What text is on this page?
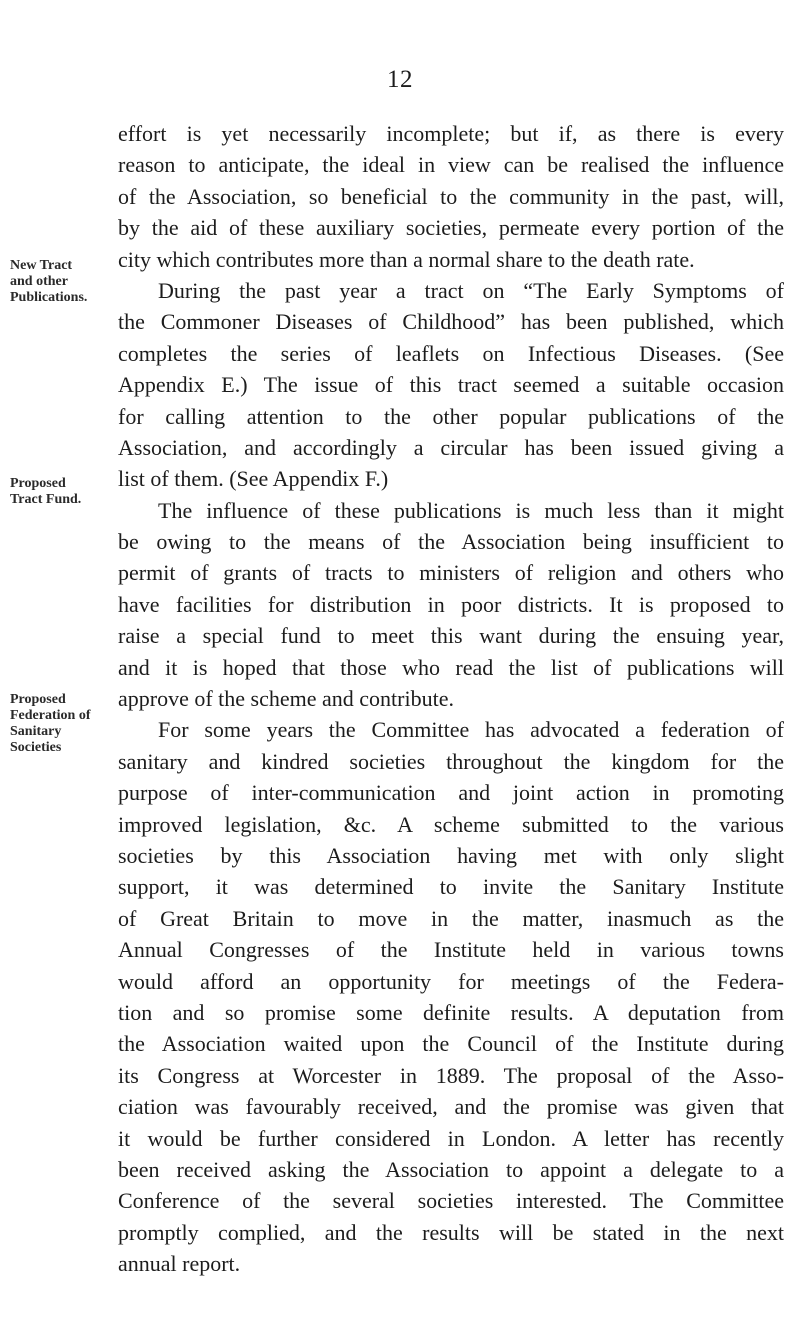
12
New Tract
and other
Publications.
Proposed
Tract Fund.
Proposed
Federation of
Sanitary
Societies
effort is yet necessarily incomplete; but if, as there is every
reason to anticipate, the ideal in view can be realised the influence
of the Association, so beneficial to the community in the past, will,
by the aid of these auxiliary societies, permeate every portion of the
city which contributes more than a normal share to the death rate.
During the past year a tract on “The Early Symptoms of
the Commoner Diseases of Childhood” has been published, which
completes the series of leaflets on Infectious Diseases. (See
Appendix E.) The issue of this tract seemed a suitable occasion
for calling attention to the other popular publications of the
Association, and accordingly a circular has been issued giving a
list of them. (See Appendix F.)
The influence of these publications is much less than it might
be owing to the means of the Association being insufficient to
permit of grants of tracts to ministers of religion and others who
have facilities for distribution in poor districts. It is proposed to
raise a special fund to meet this want during the ensuing year,
and it is hoped that those who read the list of publications will
approve of the scheme and contribute.
For some years the Committee has advocated a federation of
sanitary and kindred societies throughout the kingdom for the
purpose of inter-communication and joint action in promoting
improved legislation, &c. A scheme submitted to the various
societies by this Association having met with only slight
support, it was determined to invite the Sanitary Institute
of Great Britain to move in the matter, inasmuch as the
Annual Congresses of the Institute held in various towns
would afford an opportunity for meetings of the Federa-
tion and so promise some definite results. A deputation from
the Association waited upon the Council of the Institute during
its Congress at Worcester in 1889. The proposal of the Asso-
ciation was favourably received, and the promise was given that
it would be further considered in London. A letter has recently
been received asking the Association to appoint a delegate to a
Conference of the several societies interested. The Committee
promptly complied, and the results will be stated in the next
annual report.
